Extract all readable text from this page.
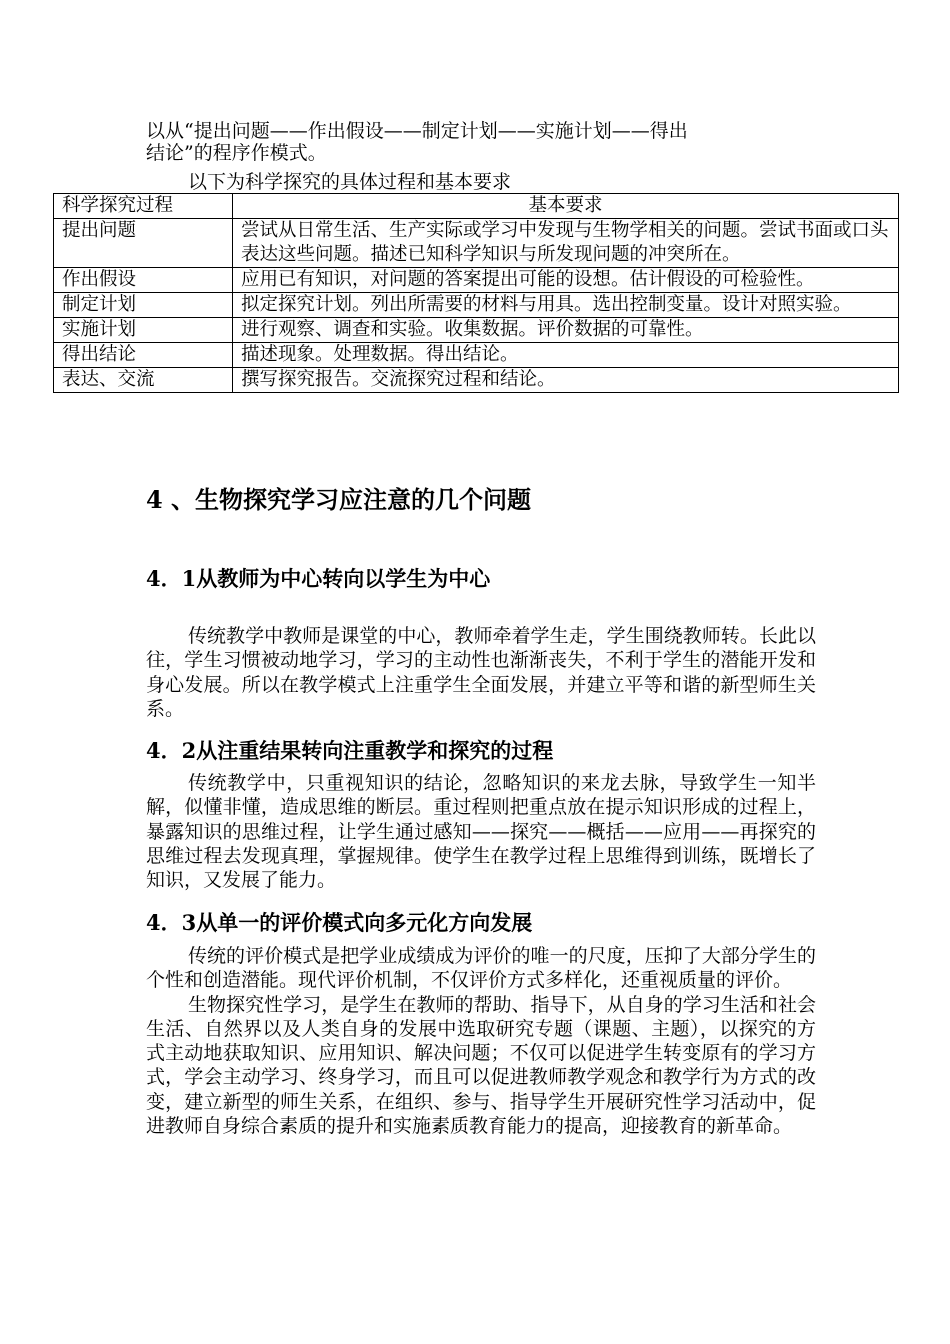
以从“提出问题——作出假设——制定计划——实施计划——得出

结论”的程序作模式。

以下为科学探究的具体过程和基本要求
科学探究过程	基本要求
提出问题	尝试从日常生活、生产实际或学习中发现与生物学相关的问题。尝试书面或口头表达这些问题。描述已知科学知识与所发现问题的冲突所在。
作出假设	应用已有知识，对问题的答案提出可能的设想。估计假设的可检验性。
制定计划	拟定探究计划。列出所需要的材料与用具。选出控制变量。设计对照实验。
实施计划	进行观察、调查和实验。收集数据。评价数据的可靠性。
得出结论	描述现象。处理数据。得出结论。
表达、交流	撰写探究报告。交流探究过程和结论。
4 、生物探究学习应注意的几个问题
4．1从教师为中心转向以学生为中心

传统教学中教师是课堂的中心，教师牵着学生走，学生围绕教师转。长此以往，学生习惯被动地学习，学习的主动性也渐渐丧失，不利于学生的潜能开发和身心发展。所以在教学模式上注重学生全面发展，并建立平等和谐的新型师生关系。

4．2从注重结果转向注重教学和探究的过程

传统教学中，只重视知识的结论，忽略知识的来龙去脉，导致学生一知半解，似懂非懂，造成思维的断层。重过程则把重点放在提示知识形成的过程上，暴露知识的思维过程，让学生通过感知——探究——概括——应用——再探究的思维过程去发现真理，掌握规律。使学生在教学过程上思维得到训练，既增长了知识，又发展了能力。

4．3从单一的评价模式向多元化方向发展

传统的评价模式是把学业成绩成为评价的唯一的尺度，压抑了大部分学生的个性和创造潜能。现代评价机制，不仅评价方式多样化，还重视质量的评价。

生物探究性学习，是学生在教师的帮助、指导下，从自身的学习生活和社会生活、自然界以及人类自身的发展中选取研究专题（课题、主题），以探究的方式主动地获取知识、应用知识、解决问题；不仅可以促进学生转变原有的学习方式，学会主动学习、终身学习，而且可以促进教师教学观念和教学行为方式的改变，建立新型的师生关系，在组织、参与、指导学生开展研究性学习活动中，促进教师自身综合素质的提升和实施素质教育能力的提高，迎接教育的新革命。
